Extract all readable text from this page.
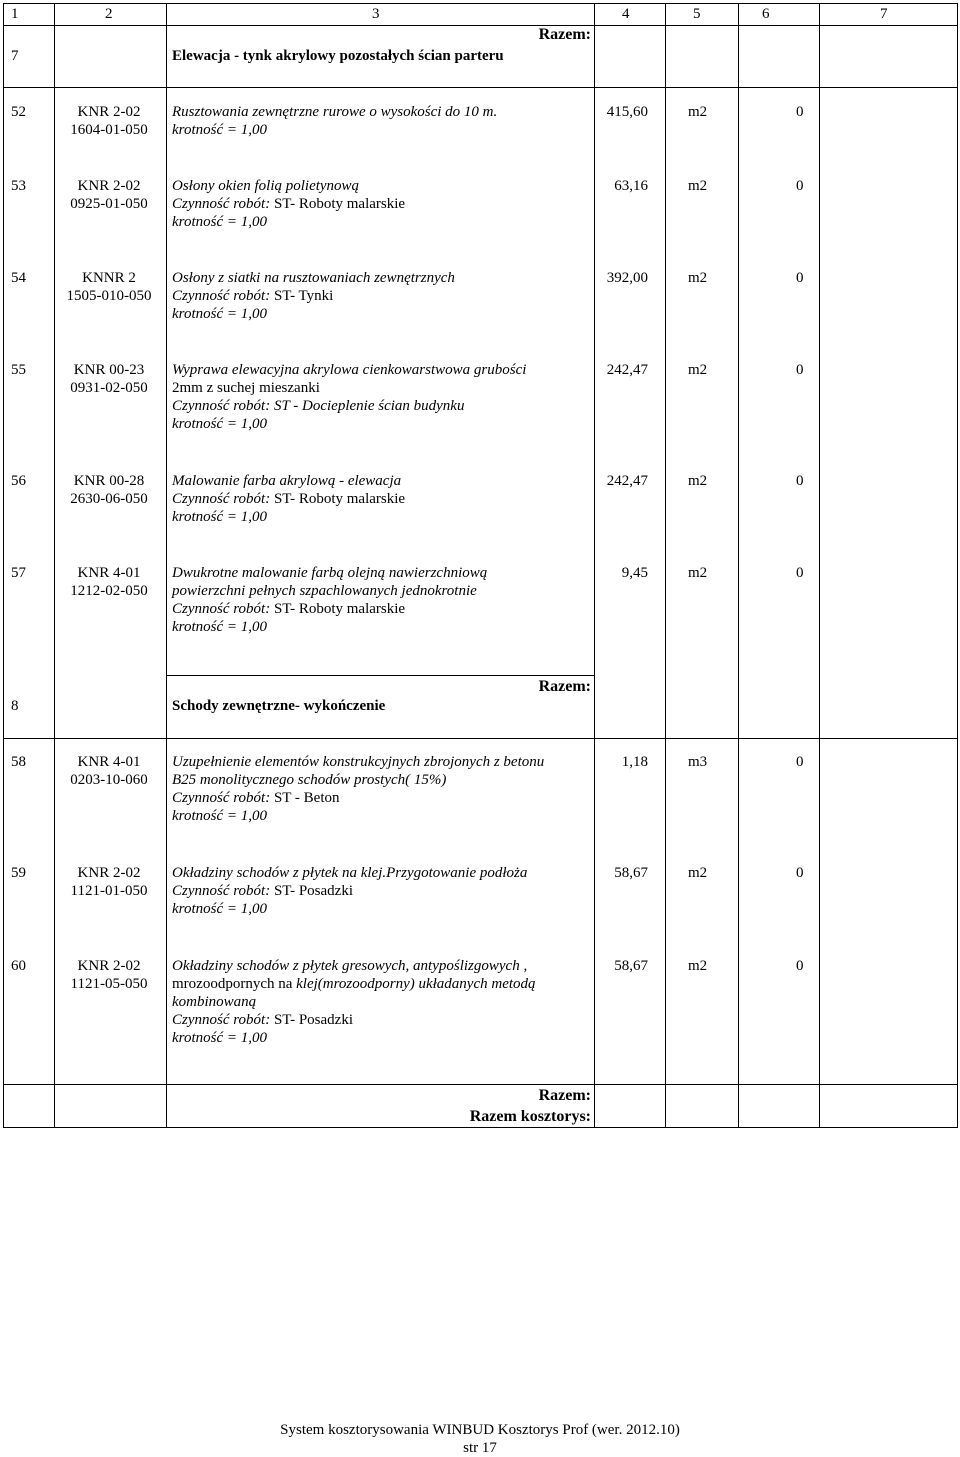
1	2	3	4	5	6	7
Razem:
7	Elewacja - tynk akrylowy pozostałych ścian parteru
52	KNR 2-02
1604-01-050
Rusztowania zewnętrzne rurowe o wysokości do 10 m.
krotność = 1,00
415,60	m2	0
53	KNR 2-02
0925-01-050
Osłony okien folią polietynową
Czynność robót: ST- Roboty malarskie
krotność = 1,00
63,16	m2	0
54	KNNR 2
1505-010-050
Osłony z siatki na rusztowaniach zewnętrznych
Czynność robót: ST- Tynki
krotność = 1,00
392,00	m2	0
55	KNR 00-23
0931-02-050
Wyprawa elewacyjna akrylowa cienkowarstwowa grubości
2mm z suchej mieszanki
Czynność robót: ST - Docieplenie ścian budynku
krotność = 1,00
242,47	m2	0
56	KNR 00-28
2630-06-050
Malowanie farba akrylową - elewacja
Czynność robót: ST- Roboty malarskie
krotność = 1,00
242,47	m2	0
57	KNR 4-01
1212-02-050
Dwukrotne malowanie farbą olejną nawierzchniową
powierzchni pełnych szpachlowanych jednokrotnie
Czynność robót: ST- Roboty malarskie
krotność = 1,00
9,45	m2	0
Razem:
8	Schody zewnętrzne- wykończenie
58	KNR 4-01
0203-10-060
Uzupełnienie elementów konstrukcyjnych zbrojonych z betonu
B25 monolitycznego schodów prostych( 15%)
Czynność robót: ST - Beton
krotność = 1,00
1,18	m3	0
59	KNR 2-02
1121-01-050
Okładziny schodów z płytek na klej.Przygotowanie podłoża
Czynność robót: ST- Posadzki
krotność = 1,00
58,67	m2	0
60	KNR 2-02
1121-05-050
Okładziny schodów z płytek gresowych, antypoślizgowych ,
mrozoodpornych na klej(mrozoodporny) układanych metodą
kombinowaną
Czynność robót: ST- Posadzki
krotność = 1,00
58,67	m2	0
Razem:
Razem kosztorys:
System kosztorysowania WINBUD Kosztorys Prof (wer. 2012.10)
str 17
